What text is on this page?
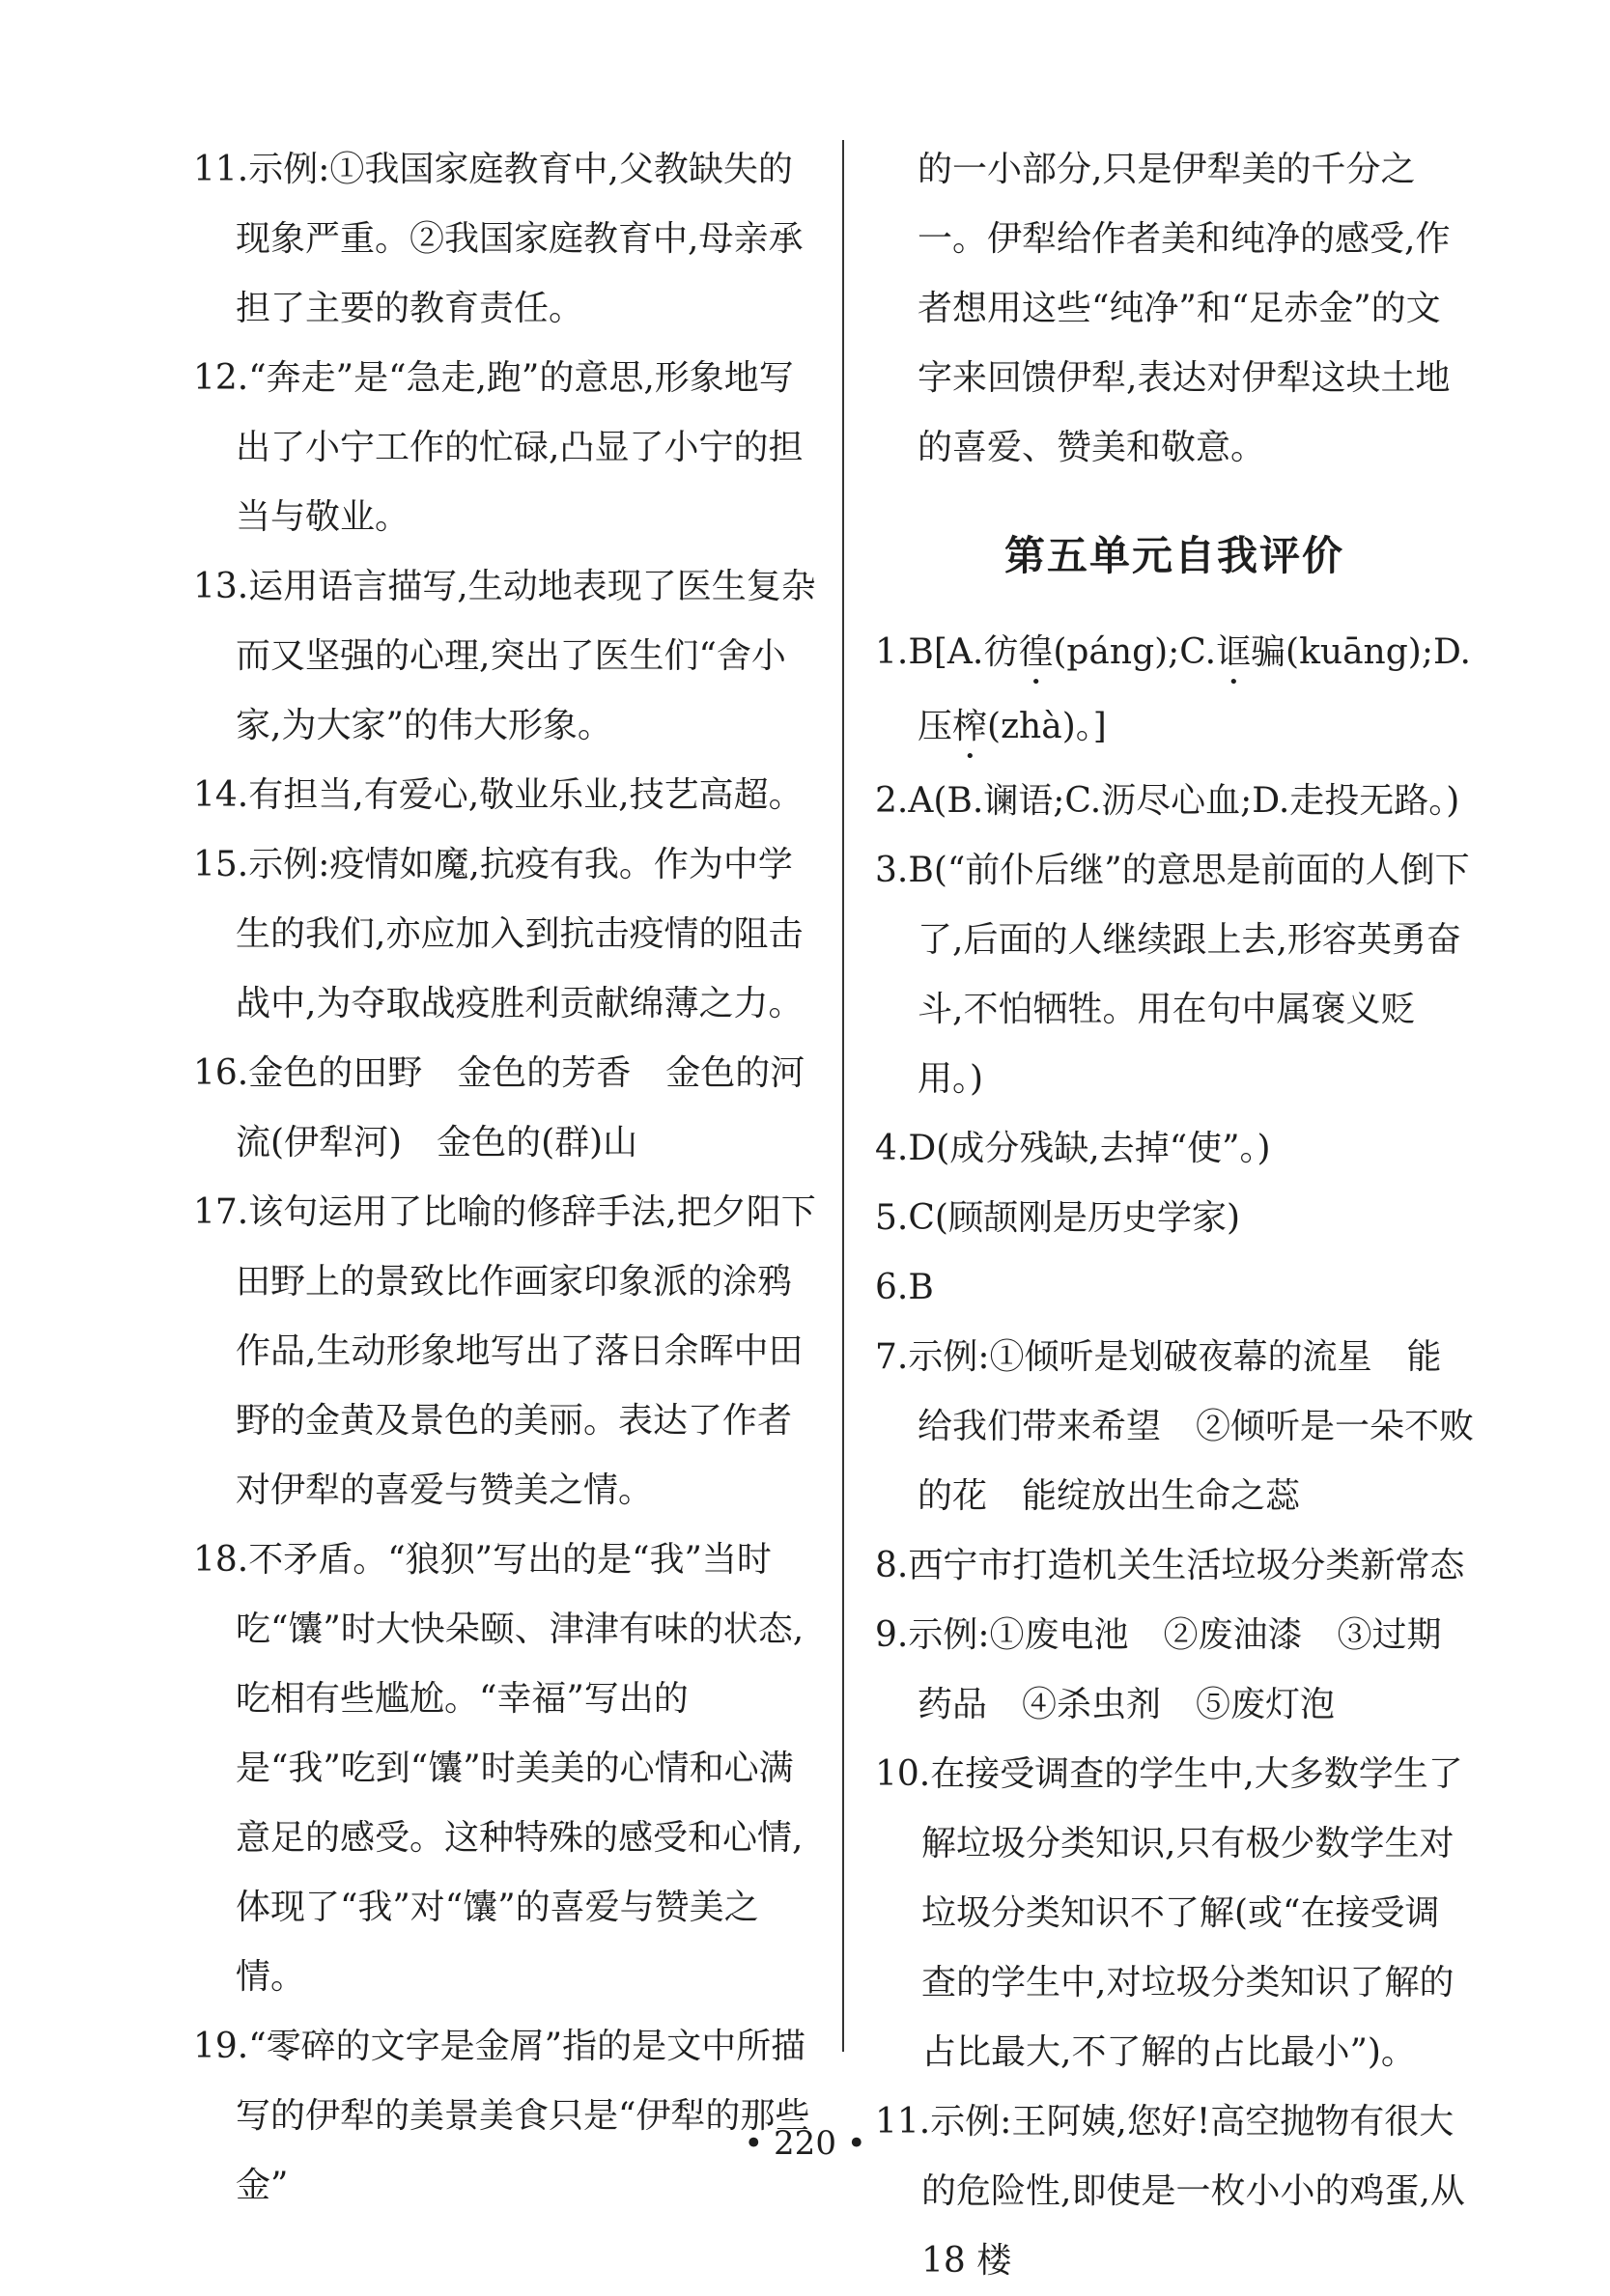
11.示例:①我国家庭教育中,父教缺失的现象严重。②我国家庭教育中,母亲承担了主要的教育责任。

12.“奔走”是“急走,跑”的意思,形象地写出了小宁工作的忙碌,凸显了小宁的担当与敬业。

13.运用语言描写,生动地表现了医生复杂而又坚强的心理,突出了医生们“舍小家,为大家”的伟大形象。

14.有担当,有爱心,敬业乐业,技艺高超。

15.示例:疫情如魔,抗疫有我。作为中学生的我们,亦应加入到抗击疫情的阻击战中,为夺取战疫胜利贡献绵薄之力。

16.金色的田野　金色的芳香　金色的河流(伊犁河)　金色的(群)山

17.该句运用了比喻的修辞手法,把夕阳下田野上的景致比作画家印象派的涂鸦作品,生动形象地写出了落日余晖中田野的金黄及景色的美丽。表达了作者对伊犁的喜爱与赞美之情。

18.不矛盾。“狼狈”写出的是“我”当时吃“馕”时大快朵颐、津津有味的状态,吃相有些尴尬。“幸福”写出的是“我”吃到“馕”时美美的心情和心满意足的感受。这种特殊的感受和心情,体现了“我”对“馕”的喜爱与赞美之情。

19.“零碎的文字是金屑”指的是文中所描写的伊犁的美景美食只是“伊犁的那些金”

的一小部分,只是伊犁美的千分之一。伊犁给作者美和纯净的感受,作者想用这些“纯净”和“足赤金”的文字来回馈伊犁,表达对伊犁这块土地的喜爱、赞美和敬意。

第五单元自我评价

1.B[A.彷徨(páng);C.诓骗(kuāng);D.压榨(zhà)。]

2.A(B.谰语;C.沥尽心血;D.走投无路。)

3.B(“前仆后继”的意思是前面的人倒下了,后面的人继续跟上去,形容英勇奋斗,不怕牺牲。用在句中属褒义贬用。)

4.D(成分残缺,去掉“使”。)

5.C(顾颉刚是历史学家)

6.B

7.示例:①倾听是划破夜幕的流星　能给我们带来希望　②倾听是一朵不败的花　能绽放出生命之蕊

8.西宁市打造机关生活垃圾分类新常态

9.示例:①废电池　②废油漆　③过期药品　④杀虫剂　⑤废灯泡

10.在接受调查的学生中,大多数学生了解垃圾分类知识,只有极少数学生对垃圾分类知识不了解(或“在接受调查的学生中,对垃圾分类知识了解的占比最大,不了解的占比最小”)。

11.示例:王阿姨,您好!高空抛物有很大的危险性,即使是一枚小小的鸡蛋,从 18 楼

• 220 •
